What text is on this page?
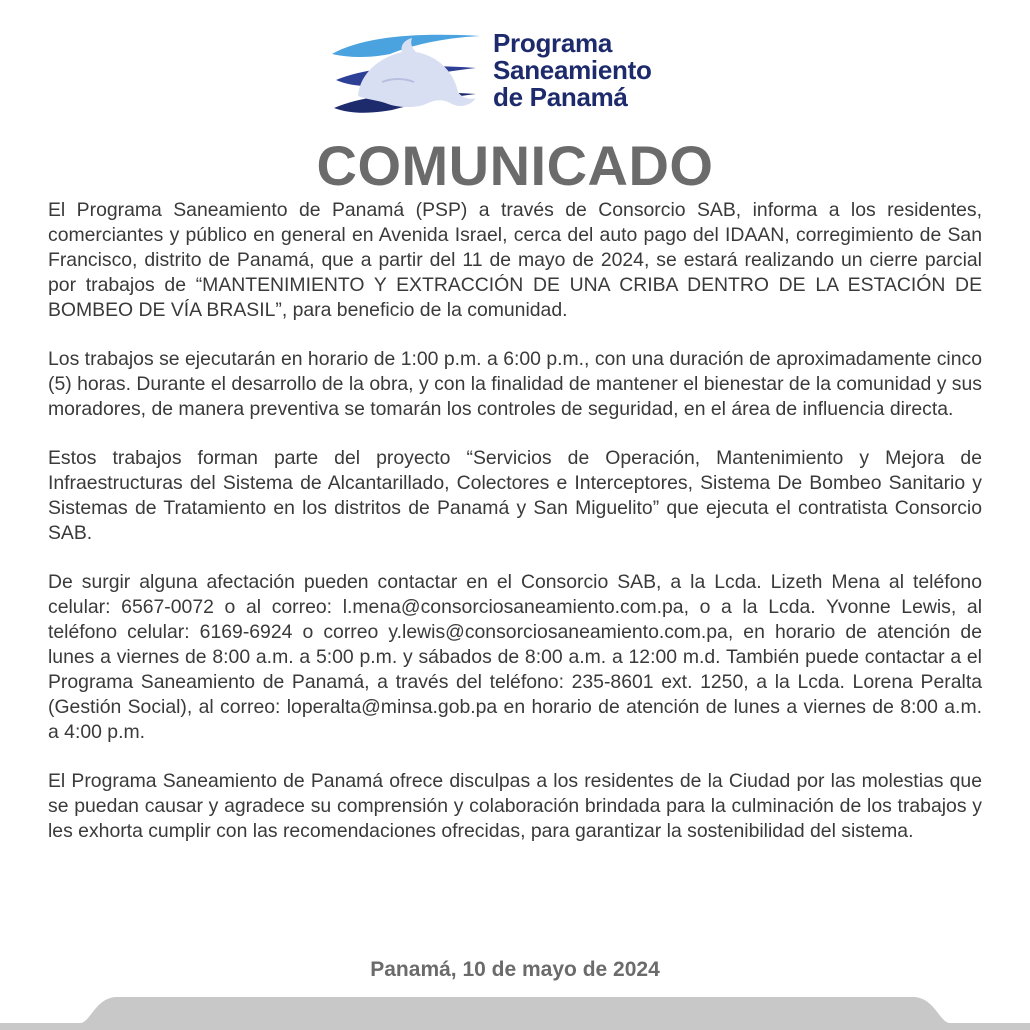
Programa
Saneamiento
de Panamá
COMUNICADO

El Programa Saneamiento de Panamá (PSP) a través de Consorcio SAB, informa a los residentes, comerciantes y público en general en Avenida Israel, cerca del auto pago del IDAAN, corregimiento de San Francisco, distrito de Panamá, que a partir del 11 de mayo de 2024, se estará realizando un cierre parcial por trabajos de “MANTENIMIENTO Y EXTRACCIÓN DE UNA CRIBA DENTRO DE LA ESTACIÓN DE BOMBEO DE VÍA BRASIL”, para beneficio de la comunidad.

Los trabajos se ejecutarán en horario de 1:00 p.m. a 6:00 p.m., con una duración de aproximadamente cinco (5) horas. Durante el desarrollo de la obra, y con la finalidad de mantener el bienestar de la comunidad y sus moradores, de manera preventiva se tomarán los controles de seguridad, en el área de influencia directa.

Estos trabajos forman parte del proyecto “Servicios de Operación, Mantenimiento y Mejora de Infraestructuras del Sistema de Alcantarillado, Colectores e Interceptores, Sistema De Bombeo Sanitario y Sistemas de Tratamiento en los distritos de Panamá y San Miguelito” que ejecuta el contratista Consorcio SAB.

De surgir alguna afectación pueden contactar en el Consorcio SAB, a la Lcda. Lizeth Mena al teléfono celular: 6567-0072 o al correo: l.mena@consorciosaneamiento.com.pa, o a la Lcda. Yvonne Lewis, al teléfono celular: 6169-6924 o correo y.lewis@consorciosaneamiento.com.pa, en horario de atención de lunes a viernes de 8:00 a.m. a 5:00 p.m. y sábados de 8:00 a.m. a 12:00 m.d. También puede contactar a el Programa Saneamiento de Panamá, a través del teléfono: 235-8601 ext. 1250, a la Lcda. Lorena Peralta (Gestión Social), al correo: loperalta@minsa.gob.pa en horario de atención de lunes a viernes de 8:00 a.m. a 4:00 p.m.

El Programa Saneamiento de Panamá ofrece disculpas a los residentes de la Ciudad por las molestias que se puedan causar y agradece su comprensión y colaboración brindada para la culminación de los trabajos y les exhorta cumplir con las recomendaciones ofrecidas, para garantizar la sostenibilidad del sistema.

Panamá, 10 de mayo de 2024
